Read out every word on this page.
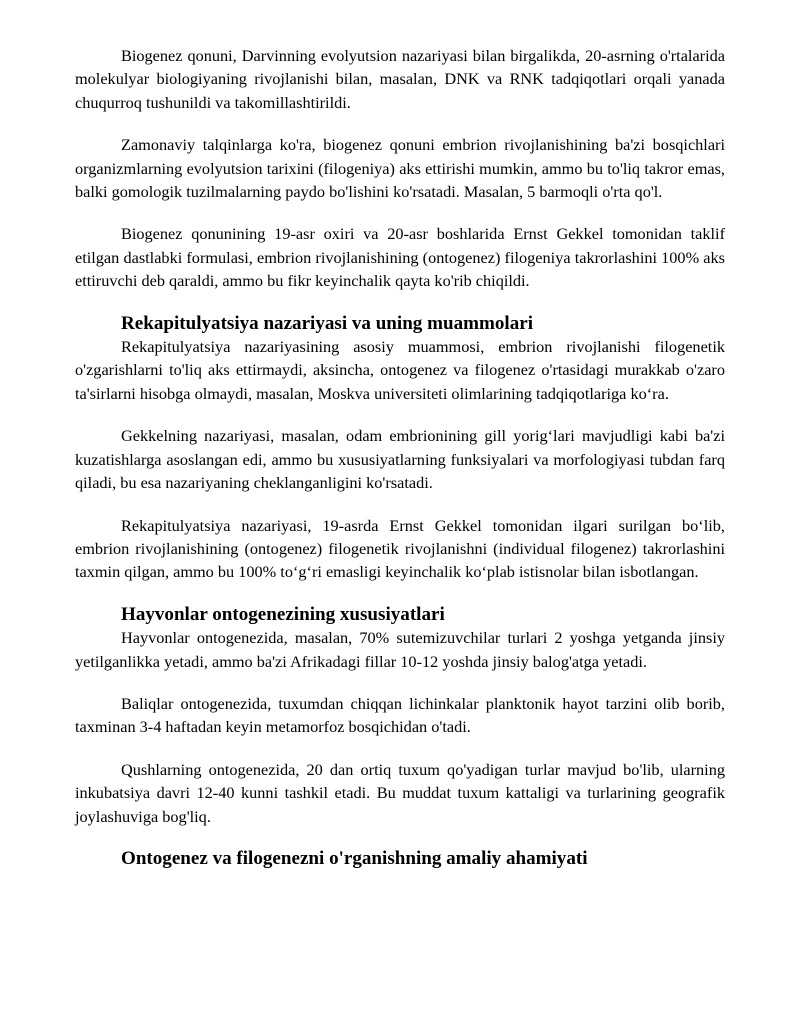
Biogenez qonuni, Darvinning evolyutsion nazariyasi bilan birgalikda, 20-asrning o'rtalarida molekulyar biologiyaning rivojlanishi bilan, masalan, DNK va RNK tadqiqotlari orqali yanada chuqurroq tushunildi va takomillashtirildi.

Zamonaviy talqinlarga ko'ra, biogenez qonuni embrion rivojlanishining ba'zi bosqichlari organizmlarning evolyutsion tarixini (filogeniya) aks ettirishi mumkin, ammo bu to'liq takror emas, balki gomologik tuzilmalarning paydo bo'lishini ko'rsatadi. Masalan, 5 barmoqli o'rta qo'l.

Biogenez qonunining 19-asr oxiri va 20-asr boshlarida Ernst Gekkel tomonidan taklif etilgan dastlabki formulasi, embrion rivojlanishining (ontogenez) filogeniya takrorlashini 100% aks ettiruvchi deb qaraldi, ammo bu fikr keyinchalik qayta ko'rib chiqildi.

Rekapitulyatsiya nazariyasi va uning muammolari

Rekapitulyatsiya nazariyasining asosiy muammosi, embrion rivojlanishi filogenetik o'zgarishlarni to'liq aks ettirmaydi, aksincha, ontogenez va filogenez o'rtasidagi murakkab o'zaro ta'sirlarni hisobga olmaydi, masalan, Moskva universiteti olimlarining tadqiqotlariga ko‘ra.

Gekkelning nazariyasi, masalan, odam embrionining gill yorig‘lari mavjudligi kabi ba'zi kuzatishlarga asoslangan edi, ammo bu xususiyatlarning funksiyalari va morfologiyasi tubdan farq qiladi, bu esa nazariyaning cheklanganligini ko'rsatadi.

Rekapitulyatsiya nazariyasi, 19-asrda Ernst Gekkel tomonidan ilgari surilgan bo‘lib, embrion rivojlanishining (ontogenez) filogenetik rivojlanishni (individual filogenez) takrorlashini taxmin qilgan, ammo bu 100% to‘g‘ri emasligi keyinchalik ko‘plab istisnolar bilan isbotlangan.

Hayvonlar ontogenezining xususiyatlari

Hayvonlar ontogenezida, masalan, 70% sutemizuvchilar turlari 2 yoshga yetganda jinsiy yetilganlikka yetadi, ammo ba'zi Afrikadagi fillar 10-12 yoshda jinsiy balog'atga yetadi.

Baliqlar ontogenezida, tuxumdan chiqqan lichinkalar planktonik hayot tarzini olib borib, taxminan 3-4 haftadan keyin metamorfoz bosqichidan o'tadi.

Qushlarning ontogenezida, 20 dan ortiq tuxum qo'yadigan turlar mavjud bo'lib, ularning inkubatsiya davri 12-40 kunni tashkil etadi. Bu muddat tuxum kattaligi va turlarining geografik joylashuviga bog'liq.

Ontogenez va filogenezni o'rganishning amaliy ahamiyati
